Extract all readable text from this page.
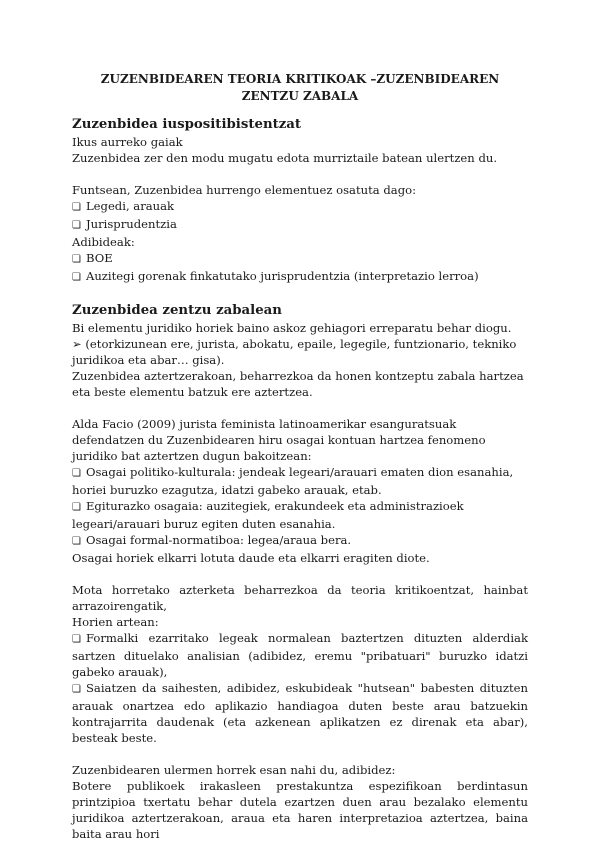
ZUZENBIDEAREN TEORIA KRITIKOAK –ZUZENBIDEAREN ZENTZU ZABALA
Zuzenbidea iuspositibistentzat

Ikus aurreko gaiak

Zuzenbidea zer den modu mugatu edota murriztaile batean ulertzen du.

Funtsean, Zuzenbidea hurrengo elementuez osatuta dago:

❏ Legedi, arauak

❏ Jurisprudentzia

Adibideak:

❏ BOE

❏ Auzitegi gorenak finkatutako jurisprudentzia (interpretazio lerroa)

Zuzenbidea zentzu zabalean

Bi elementu juridiko horiek baino askoz gehiagori erreparatu behar diogu.

➢ (etorkizunean ere, jurista, abokatu, epaile, legegile, funtzionario, tekniko juridikoa eta abar… gisa).

Zuzenbidea aztertzerakoan, beharrezkoa da honen kontzeptu zabala hartzea eta beste elementu batzuk ere aztertzea.

Alda Facio (2009) jurista feminista latinoamerikar esanguratsuak

defendatzen du Zuzenbidearen hiru osagai kontuan hartzea fenomeno juridiko bat aztertzen dugun bakoitzean:

❏ Osagai politiko-kulturala: jendeak legeari/arauari ematen dion esanahia, horiei buruzko ezagutza, idatzi gabeko arauak, etab.

❏ Egiturazko osagaia: auzitegiek, erakundeek eta administrazioek legeari/arauari buruz egiten duten esanahia.

❏ Osagai formal-normatiboa: legea/araua bera.

Osagai horiek elkarri lotuta daude eta elkarri eragiten diote.

Mota horretako azterketa beharrezkoa da teoria kritikoentzat, hainbat arrazoirengatik,

Horien artean:

❏ Formalki ezarritako legeak normalean baztertzen dituzten alderdiak sartzen dituelako analisian (adibidez, eremu "pribatuari" buruzko idatzi gabeko arauak),

❏ Saiatzen da saihesten, adibidez, eskubideak "hutsean" babesten dituzten arauak onartzea edo aplikazio handiagoa duten beste arau batzuekin kontrajarrita daudenak (eta azkenean aplikatzen ez direnak eta abar), besteak beste.

Zuzenbidearen ulermen horrek esan nahi du, adibidez:

Botere publikoek irakasleen prestakuntza espezifikoan berdintasun printzipioa txertatu behar dutela ezartzen duen arau bezalako elementu juridikoa aztertzerakoan, araua eta haren interpretazioa aztertzea, baina baita arau hori
